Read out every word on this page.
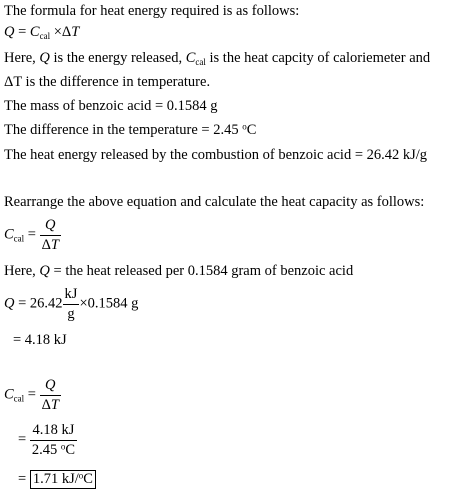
The formula for heat energy required is as follows:
$Q = C_{cal} \times\Delta T$
Here, Q is the energy released, $C_{cal}$ is the heat capcity of caloriemeter and
ΔT is the difference in temperature.
The mass of benzoic acid = 0.1584 g
The difference in the temperature = 2.45 $^o$C
The heat energy released by the combustion of benzoic acid = 26.42 kJ/g
Rearrange the above equation and calculate the heat capacity as follows:
$C_{cal} = \frac{Q}{\Delta T}$
Here, Q = the heat released per 0.1584 gram of benzoic acid
$Q = 26.42 \frac{kJ}{g} \times 0.1584$ g
= 4.18 kJ
$C_{cal} = \frac{Q}{\Delta T}$
= $\frac{4.18 kJ}{2.45 ^oC}$
= 1.71 kJ/$^o$C
